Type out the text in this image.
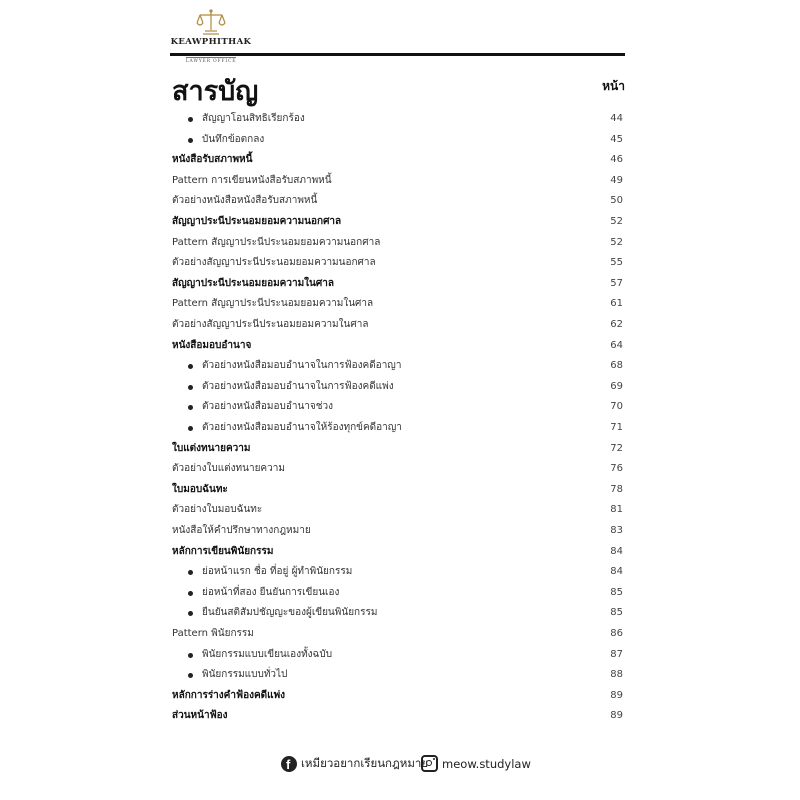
KEAWPHITHAK
LAWYER OFFICE
สารบัญ	หน้า
สัญญาโอนสิทธิเรียกร้อง	44
บันทึกข้อตกลง	45
หนังสือรับสภาพหนี้	46
Pattern การเขียนหนังสือรับสภาพหนี้	49
ตัวอย่างหนังสือหนังสือรับสภาพหนี้	50
สัญญาประนีประนอมยอมความนอกศาล	52
Pattern สัญญาประนีประนอมยอมความนอกศาล	52
ตัวอย่างสัญญาประนีประนอมยอมความนอกศาล	55
สัญญาประนีประนอมยอมความในศาล	57
Pattern สัญญาประนีประนอมยอมความในศาล	61
ตัวอย่างสัญญาประนีประนอมยอมความในศาล	62
หนังสือมอบอำนาจ	64
ตัวอย่างหนังสือมอบอำนาจในการฟ้องคดีอาญา	68
ตัวอย่างหนังสือมอบอำนาจในการฟ้องคดีแพ่ง	69
ตัวอย่างหนังสือมอบอำนาจช่วง	70
ตัวอย่างหนังสือมอบอำนาจให้ร้องทุกข์คดีอาญา	71
ใบแต่งทนายความ	72
ตัวอย่างใบแต่งทนายความ	76
ใบมอบฉันทะ	78
ตัวอย่างใบมอบฉันทะ	81
หนังสือให้คำปรึกษาทางกฎหมาย	83
หลักการเขียนพินัยกรรม	84
ย่อหน้าแรก ชื่อ ที่อยู่ ผู้ทำพินัยกรรม	84
ย่อหน้าที่สอง ยืนยันการเขียนเอง	85
ยืนยันสติสัมปชัญญะของผู้เขียนพินัยกรรม	85
Pattern พินัยกรรม	86
พินัยกรรมแบบเขียนเองทั้งฉบับ	87
พินัยกรรมแบบทั่วไป	88
หลักการร่างคำฟ้องคดีแพ่ง	89
ส่วนหน้าฟ้อง	89
f เหมียวอยากเรียนกฎหมาย meow.studylaw
